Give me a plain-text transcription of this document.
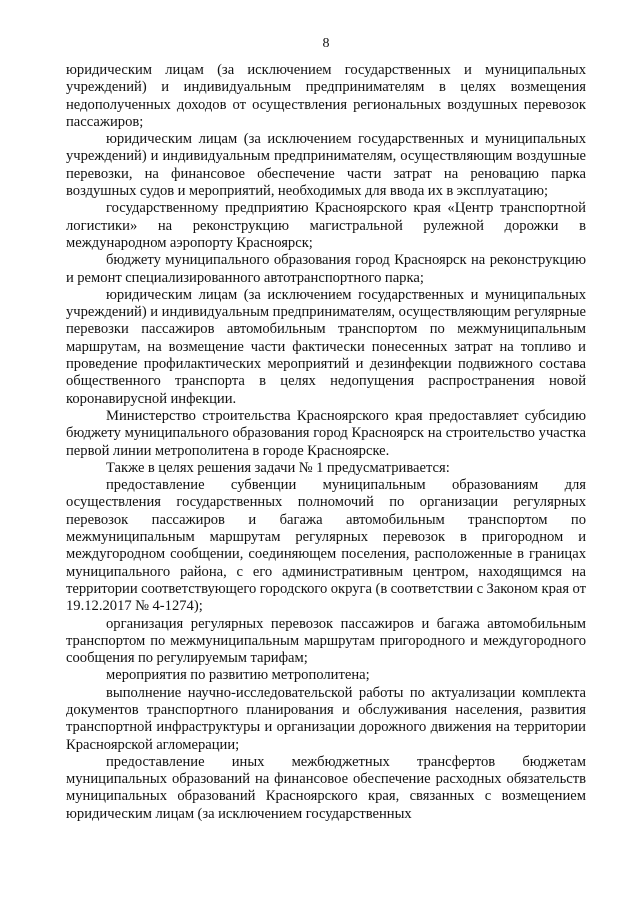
8

юридическим лицам (за исключением государственных и муниципальных учреждений) и индивидуальным предпринимателям в целях возмещения недополученных доходов от осуществления региональных воздушных перевозок пассажиров;

юридическим лицам (за исключением государственных и муниципальных учреждений) и индивидуальным предпринимателям, осуществляющим воздушные перевозки, на финансовое обеспечение части затрат на реновацию парка воздушных судов и мероприятий, необходимых для ввода их в эксплуатацию;

государственному предприятию Красноярского края «Центр транспортной логистики» на реконструкцию магистральной рулежной дорожки в международном аэропорту Красноярск;

бюджету муниципального образования город Красноярск на реконструкцию и ремонт специализированного автотранспортного парка;

юридическим лицам (за исключением государственных и муниципальных учреждений) и индивидуальным предпринимателям, осуществляющим регулярные перевозки пассажиров автомобильным транспортом по межмуниципальным маршрутам, на возмещение части фактически понесенных затрат на топливо и проведение профилактических мероприятий и дезинфекции подвижного состава общественного транспорта в целях недопущения распространения новой коронавирусной инфекции.

Министерство строительства Красноярского края предоставляет субсидию бюджету муниципального образования город Красноярск на строительство участка первой линии метрополитена в городе Красноярске.

Также в целях решения задачи № 1 предусматривается:

предоставление субвенции муниципальным образованиям для осуществления государственных полномочий по организации регулярных перевозок пассажиров и багажа автомобильным транспортом по межмуниципальным маршрутам регулярных перевозок в пригородном и междугородном сообщении, соединяющем поселения, расположенные в границах муниципального района, с его административным центром, находящимся на территории соответствующего городского округа (в соответствии с Законом края от 19.12.2017 № 4-1274);

организация регулярных перевозок пассажиров и багажа автомобильным транспортом по межмуниципальным маршрутам пригородного и междугородного сообщения по регулируемым тарифам;

мероприятия по развитию метрополитена;

выполнение научно-исследовательской работы по актуализации комплекта документов транспортного планирования и обслуживания населения, развития транспортной инфраструктуры и организации дорожного движения на территории Красноярской агломерации;

предоставление иных межбюджетных трансфертов бюджетам муниципальных образований на финансовое обеспечение расходных обязательств муниципальных образований Красноярского края, связанных с возмещением юридическим лицам (за исключением государственных
